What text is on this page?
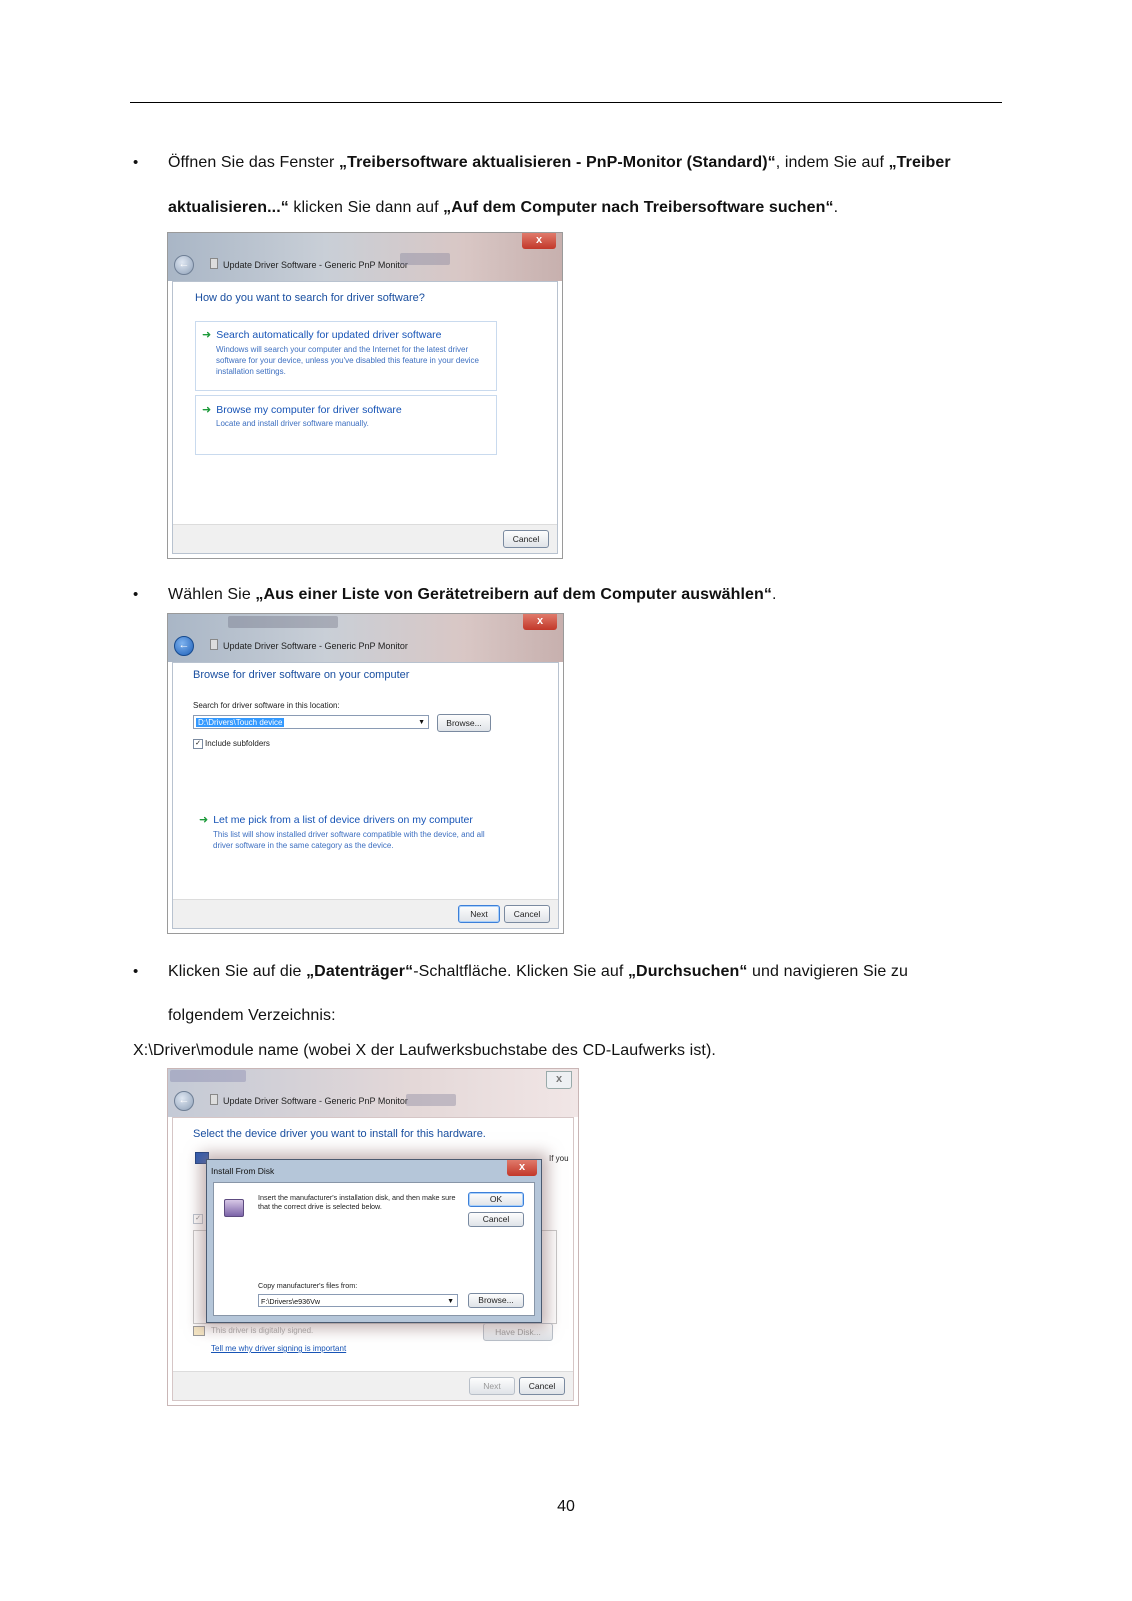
• Öffnen Sie das Fenster „Treibersoftware aktualisieren - PnP-Monitor (Standard)“, indem Sie auf „Treiber
aktualisieren...“ klicken Sie dann auf „Auf dem Computer nach Treibersoftware suchen“.
x
←	Update Driver Software - Generic PnP Monitor
How do you want to search for driver software?
➜ Search automatically for updated driver software
Windows will search your computer and the Internet for the latest driver software for your device, unless you've disabled this feature in your device installation settings.
➜ Browse my computer for driver software
Locate and install driver software manually.
Cancel
• Wählen Sie „Aus einer Liste von Gerätetreibern auf dem Computer auswählen“.
x
←	Update Driver Software - Generic PnP Monitor
Browse for driver software on your computer
Search for driver software in this location:
D:\Drivers\Touch device	▼	Browse...
✓ Include subfolders
➜ Let me pick from a list of device drivers on my computer
This list will show installed driver software compatible with the device, and all driver software in the same category as the device.
Next	Cancel
• Klicken Sie auf die „Datenträger“-Schaltfläche. Klicken Sie auf „Durchsuchen“ und navigieren Sie zu
folgendem Verzeichnis:
X:\Driver\module name (wobei X der Laufwerksbuchstabe des CD-Laufwerks ist).
x
←	Update Driver Software - Generic PnP Monitor
Select the device driver you want to install for this hardware.
If you
✓
This driver is digitally signed.	Have Disk...
Tell me why driver signing is important
Next	Cancel
Install From Disk	x
Insert the manufacturer's installation disk, and then make sure that the correct drive is selected below.
OK
Cancel
Copy manufacturer's files from:
F:\Drivers\e936Vw	▼	Browse...
40
